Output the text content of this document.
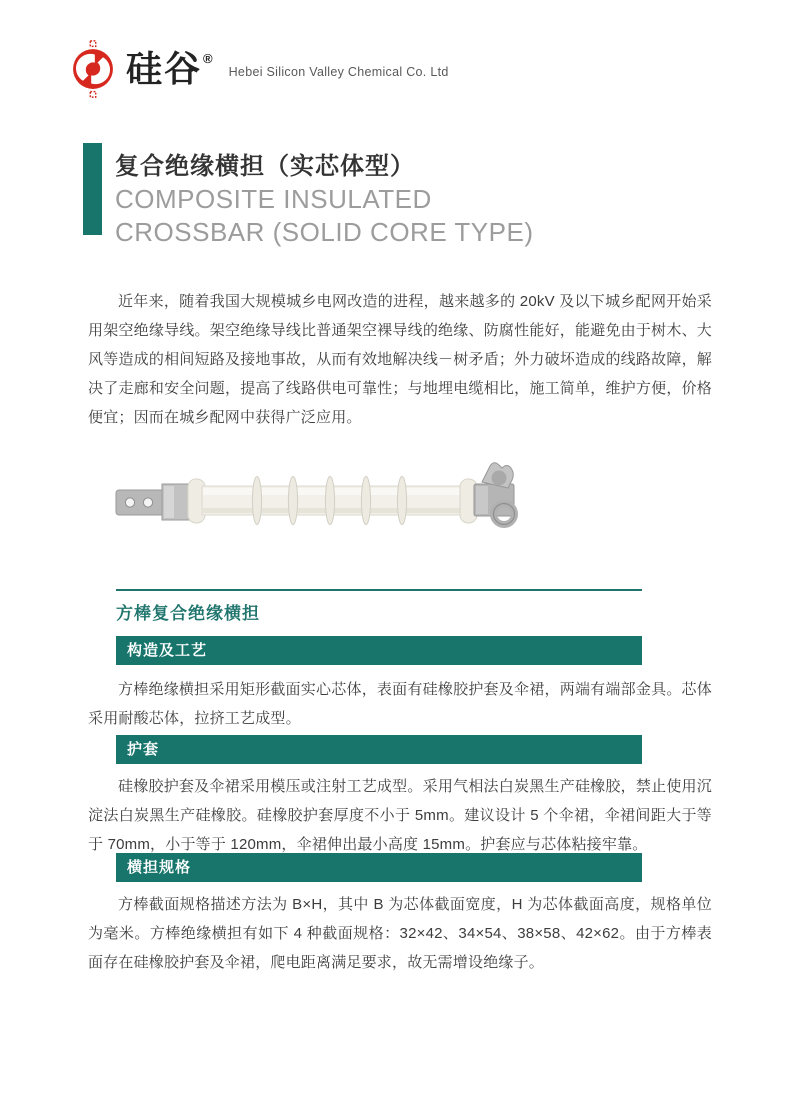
硅谷®
Hebei Silicon Valley Chemical Co. Ltd
复合绝缘横担（实芯体型）
COMPOSITE INSULATED
CROSSBAR (SOLID CORE TYPE)
近年来，随着我国大规模城乡电网改造的进程，越来越多的 20kV 及以下城乡配网开始采用架空绝缘导线。架空绝缘导线比普通架空裸导线的绝缘、防腐性能好，能避免由于树木、大风等造成的相间短路及接地事故，从而有效地解决线－树矛盾；外力破坏造成的线路故障，解决了走廊和安全问题，提高了线路供电可靠性；与地埋电缆相比，施工简单，维护方便，价格便宜；因而在城乡配网中获得广泛应用。
方棒复合绝缘横担
构造及工艺
方棒绝缘横担采用矩形截面实心芯体，表面有硅橡胶护套及伞裙，两端有端部金具。芯体采用耐酸芯体，拉挤工艺成型。
护套
硅橡胶护套及伞裙采用模压或注射工艺成型。采用气相法白炭黑生产硅橡胶，禁止使用沉淀法白炭黑生产硅橡胶。硅橡胶护套厚度不小于 5mm。建议设计 5 个伞裙，伞裙间距大于等于 70mm，小于等于 120mm，伞裙伸出最小高度 15mm。护套应与芯体粘接牢靠。
横担规格
方棒截面规格描述方法为 B×H，其中 B 为芯体截面宽度，H 为芯体截面高度，规格单位为毫米。方棒绝缘横担有如下 4 种截面规格：32×42、34×54、38×58、42×62。由于方棒表面存在硅橡胶护套及伞裙，爬电距离满足要求，故无需增设绝缘子。
